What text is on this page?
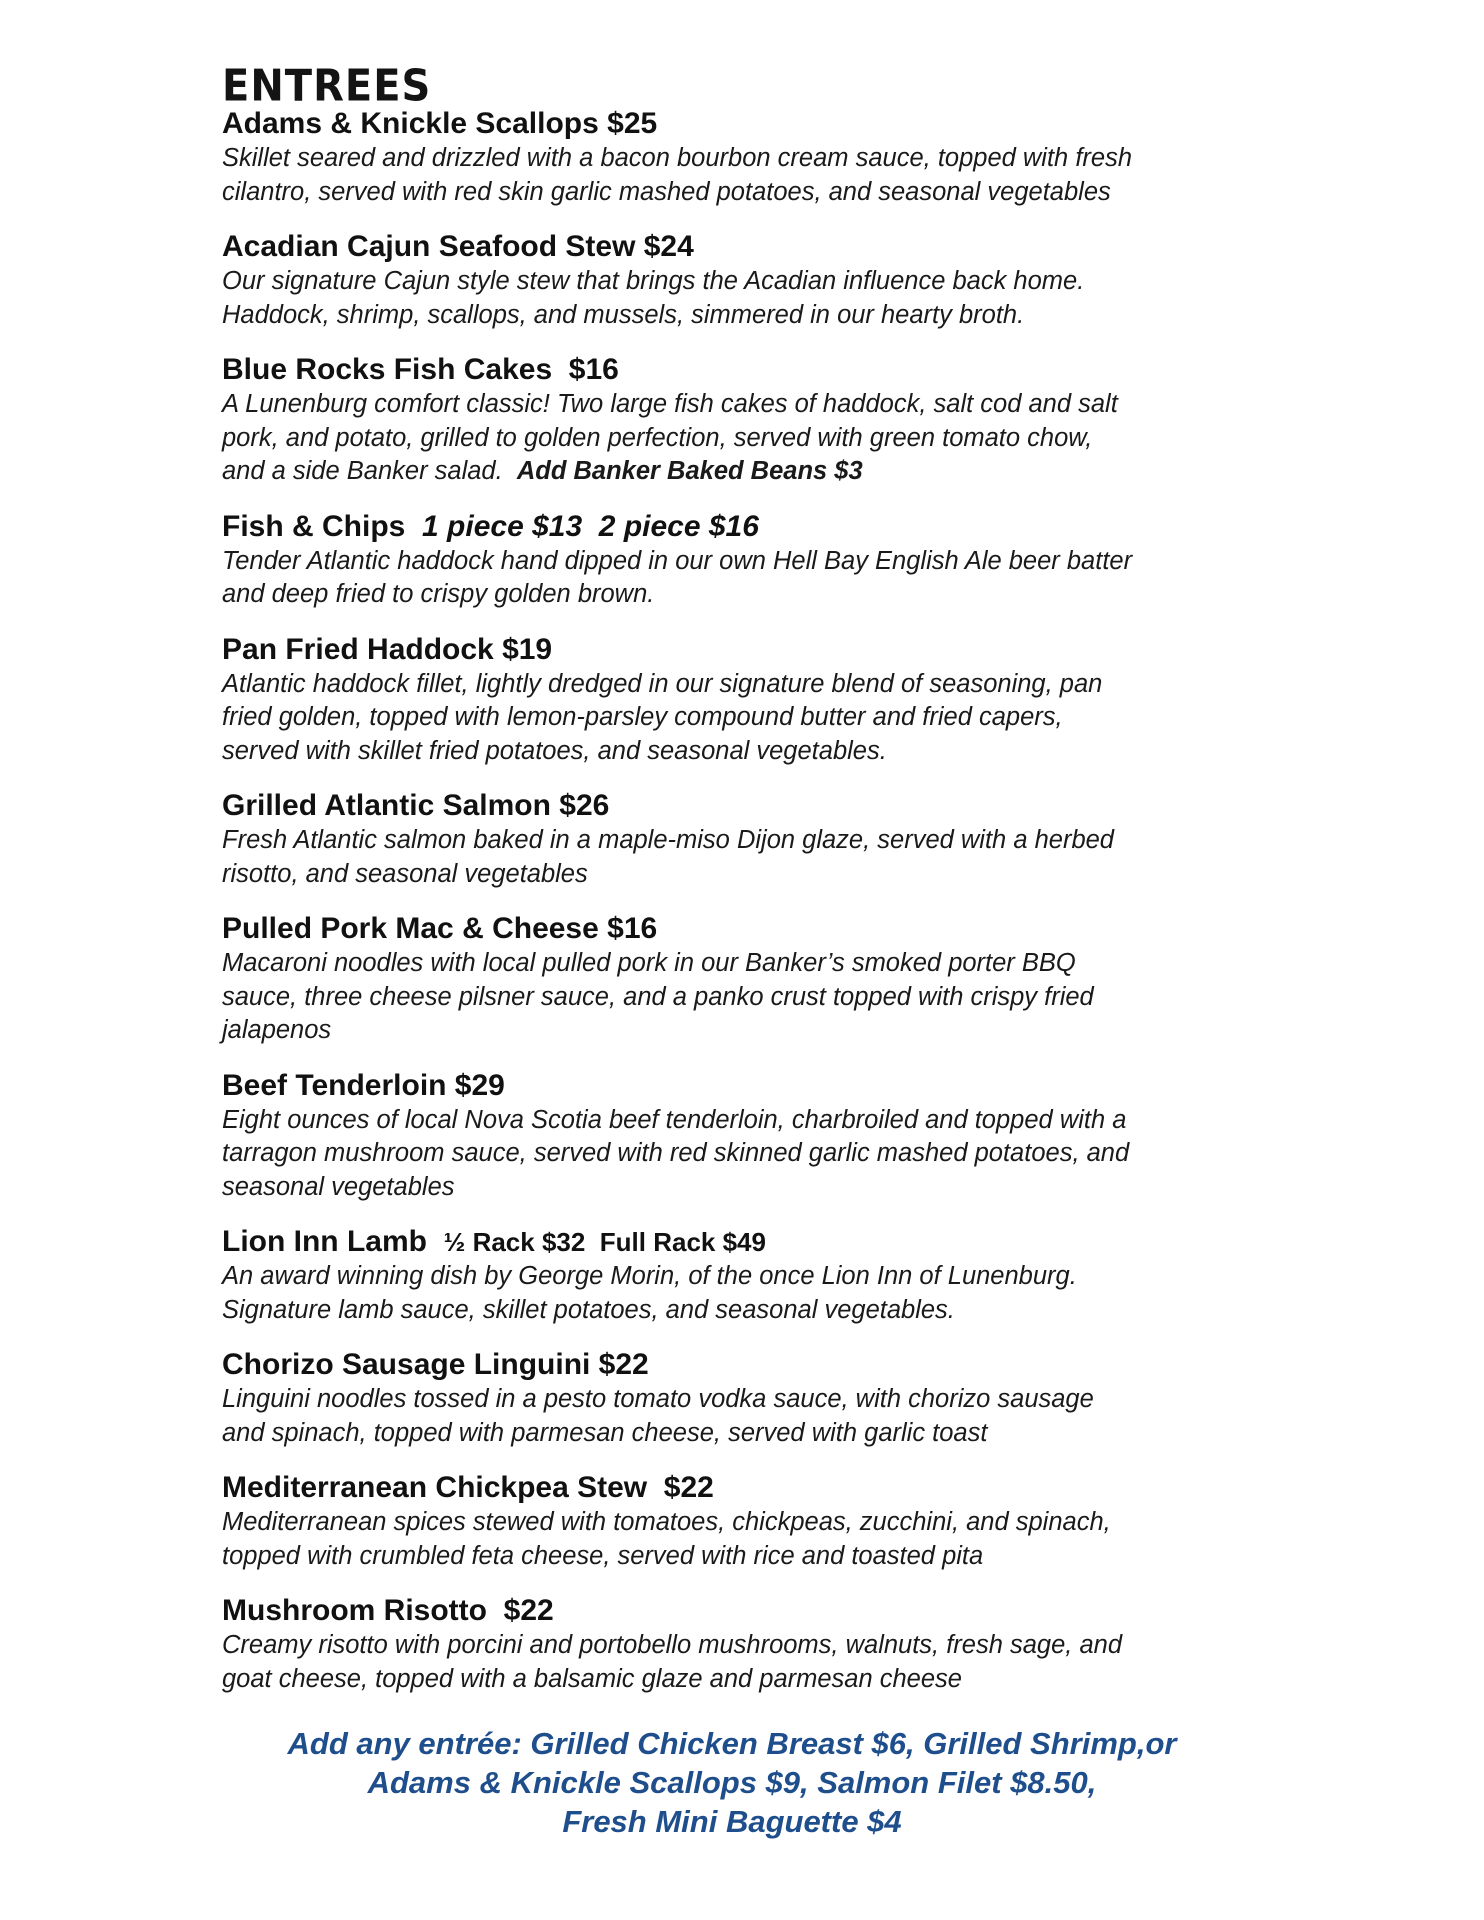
ENTREES

Adams & Knickle Scallops $25

Skillet seared and drizzled with a bacon bourbon cream sauce, topped with fresh
cilantro, served with red skin garlic mashed potatoes, and seasonal vegetables

Acadian Cajun Seafood Stew $24

Our signature Cajun style stew that brings the Acadian influence back home.
Haddock, shrimp, scallops, and mussels, simmered in our hearty broth.

Blue Rocks Fish Cakes  $16

A Lunenburg comfort classic! Two large fish cakes of haddock, salt cod and salt
pork, and potato, grilled to golden perfection, served with green tomato chow,
and a side Banker salad.  Add Banker Baked Beans $3

Fish & Chips  1 piece $13  2 piece $16

Tender Atlantic haddock hand dipped in our own Hell Bay English Ale beer batter
and deep fried to crispy golden brown.

Pan Fried Haddock $19

Atlantic haddock fillet, lightly dredged in our signature blend of seasoning, pan
fried golden, topped with lemon-parsley compound butter and fried capers,
served with skillet fried potatoes, and seasonal vegetables.

Grilled Atlantic Salmon $26

Fresh Atlantic salmon baked in a maple-miso Dijon glaze, served with a herbed
risotto, and seasonal vegetables

Pulled Pork Mac & Cheese $16

Macaroni noodles with local pulled pork in our Banker’s smoked porter BBQ
sauce, three cheese pilsner sauce, and a panko crust topped with crispy fried
jalapenos

Beef Tenderloin $29

Eight ounces of local Nova Scotia beef tenderloin, charbroiled and topped with a
tarragon mushroom sauce, served with red skinned garlic mashed potatoes, and
seasonal vegetables

Lion Inn Lamb  ½ Rack $32  Full Rack $49

An award winning dish by George Morin, of the once Lion Inn of Lunenburg.
Signature lamb sauce, skillet potatoes, and seasonal vegetables.

Chorizo Sausage Linguini $22

Linguini noodles tossed in a pesto tomato vodka sauce, with chorizo sausage
and spinach, topped with parmesan cheese, served with garlic toast

Mediterranean Chickpea Stew  $22

Mediterranean spices stewed with tomatoes, chickpeas, zucchini, and spinach,
topped with crumbled feta cheese, served with rice and toasted pita

Mushroom Risotto  $22

Creamy risotto with porcini and portobello mushrooms, walnuts, fresh sage, and
goat cheese, topped with a balsamic glaze and parmesan cheese

Add any entrée: Grilled Chicken Breast $6, Grilled Shrimp,or
Adams & Knickle Scallops $9, Salmon Filet $8.50,
Fresh Mini Baguette $4
